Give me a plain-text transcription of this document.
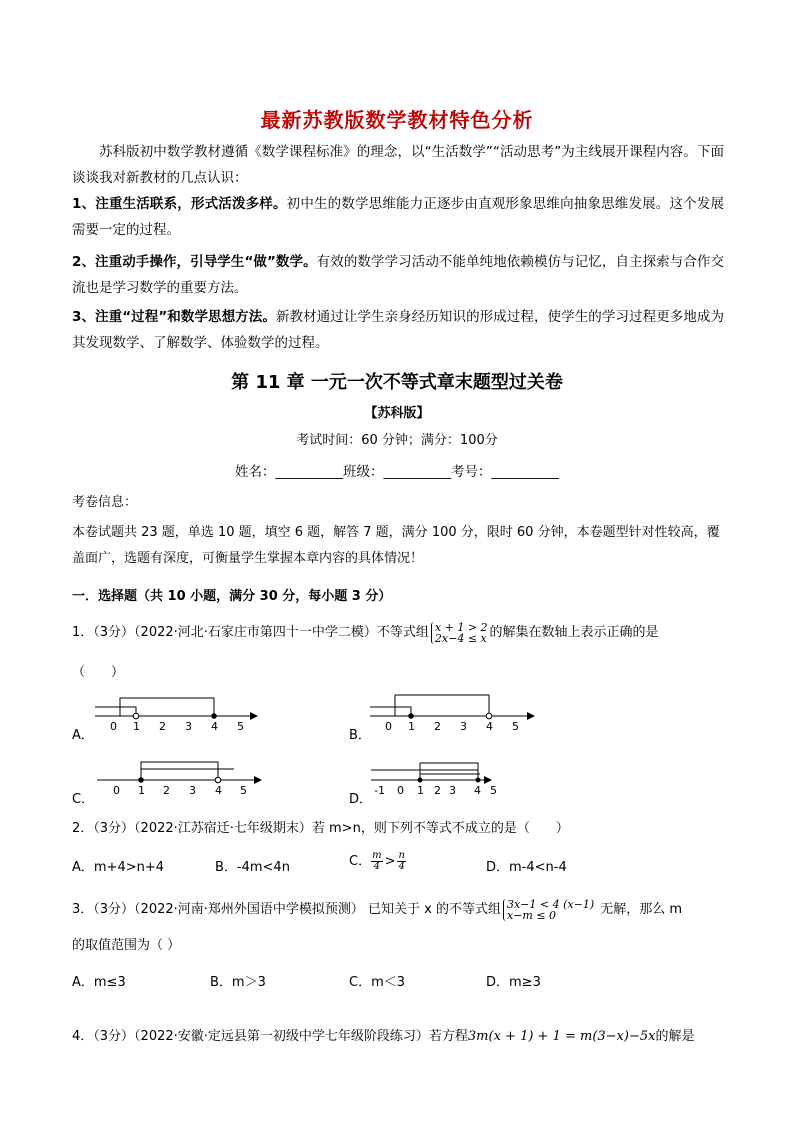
最新苏教版数学教材特色分析
苏科版初中数学教材遵循《数学课程标准》的理念，以“生活数学”“活动思考”为主线展开课程内容。下面谈谈我对新教材的几点认识：
1、注重生活联系，形式活泼多样。初中生的数学思维能力正逐步由直观形象思维向抽象思维发展。这个发展需要一定的过程。
2、注重动手操作，引导学生“做”数学。有效的数学学习活动不能单纯地依赖模仿与记忆，自主探索与合作交流也是学习数学的重要方法。
3、注重“过程”和数学思想方法。新教材通过让学生亲身经历知识的形成过程，使学生的学习过程更多地成为其发现数学、了解数学、体验数学的过程。
第 11 章 一元一次不等式章末题型过关卷
【苏科版】
考试时间：60 分钟；满分：100分
姓名：__________班级：__________考号：__________
考卷信息：
本卷试题共 23 题，单选 10 题，填空 6 题，解答 7 题，满分 100 分，限时 60 分钟，本卷题型针对性较高，覆盖面广，选题有深度，可衡量学生掌握本章内容的具体情况！
一．选择题（共 10 小题，满分 30 分，每小题 3 分）
1．（3分）（2022·河北·石家庄市第四十一中学二模）不等式组 x + 1 > 2
2x−4 ≤ x 的解集在数轴上表示正确的是
（　　）
A．
0 1 2 3 4 5
B．
0 1 2 3 4 5
C．
0 1 2 3 4 5
D．
-1 0 1 2 3 4 5
2．（3分）（2022·江苏宿迁·七年级期末）若 m>n，则下列不等式不成立的是（　　）
A．m+4>n+4	B．-4m<4n	C． $\frac{m}{4} > \frac{n}{4}$	D．m-4<n-4
3．（3分）（2022·河南·郑州外国语中学模拟预测） 已知关于 x 的不等式组 3x−1 < 4 (x−1)
x−m ≤ 0	无解，那么 m
的取值范围为（ ）
A．m≤3	B．m＞3	C．m＜3	D．m≥3
4．（3分）（2022·安徽·定远县第一初级中学七年级阶段练习）若方程3m(x + 1) + 1 = m(3−x)−5x的解是
